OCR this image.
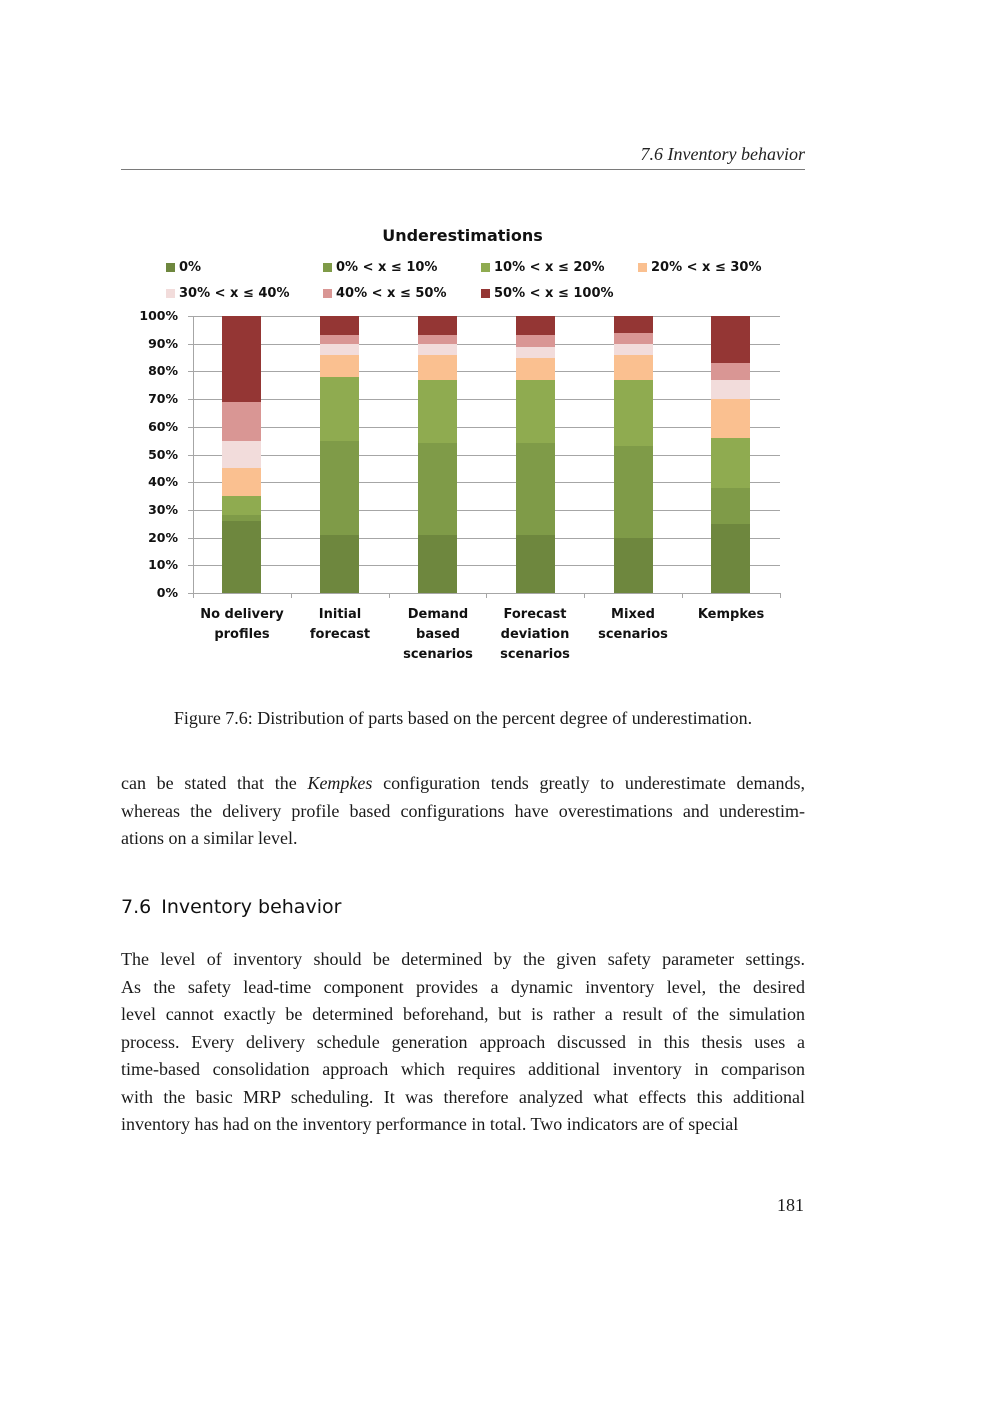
7.6 Inventory behavior
Underestimations
0%	0% < x ≤ 10%	10% < x ≤ 20%	20% < x ≤ 30%
30% < x ≤ 40%	40% < x ≤ 50%	50% < x ≤ 100%
0%
10%
20%
30%
40%
50%
60%
70%
80%
90%
100%
No delivery
profiles
Initial forecast
Demand
based
scenarios
Forecast
deviation
scenarios
Mixed
scenarios
Kempkes
Figure 7.6: Distribution of parts based on the percent degree of underestimation.
can be stated that the Kempkes configuration tends greatly to underestimate demands,
whereas the delivery profile based configurations have overestimations and underestim-
ations on a similar level.
7.6 Inventory behavior
The level of inventory should be determined by the given safety parameter settings.
As the safety lead-time component provides a dynamic inventory level, the desired
level cannot exactly be determined beforehand, but is rather a result of the simulation
process. Every delivery schedule generation approach discussed in this thesis uses a
time-based consolidation approach which requires additional inventory in comparison
with the basic MRP scheduling. It was therefore analyzed what effects this additional
inventory has had on the inventory performance in total. Two indicators are of special
181
